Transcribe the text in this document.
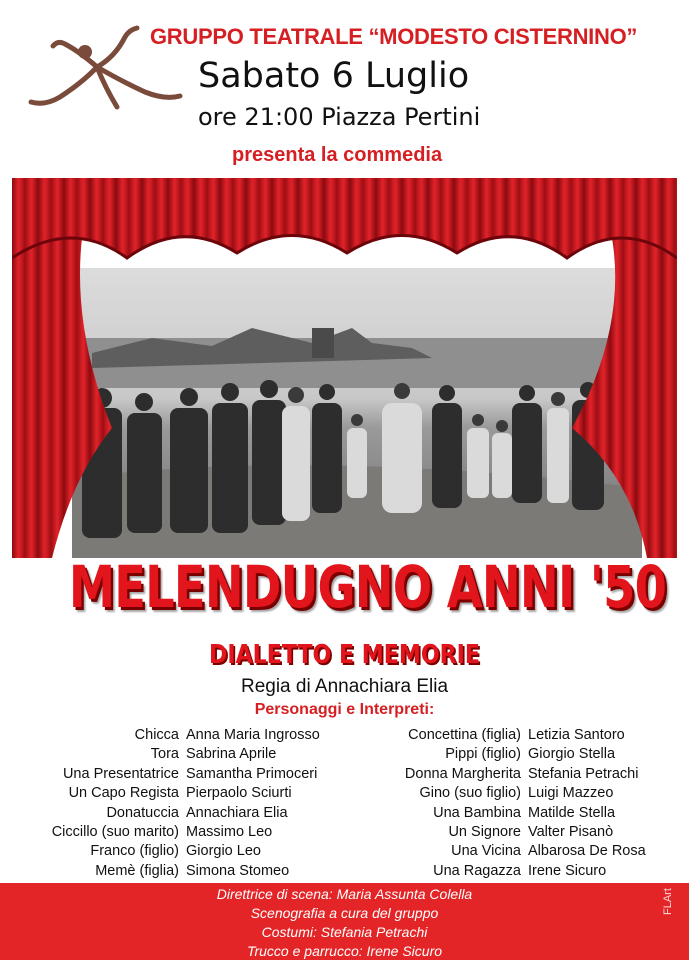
GRUPPO TEATRALE “MODESTO CISTERNINO”
Sabato 6 Luglio
ore 21:00 Piazza Pertini
presenta la commedia
MELENDUGNO ANNI '50
DIALETTO E MEMORIE
Regia di Annachiara Elia
Personaggi e Interpreti:
Chicca
Tora
Una Presentatrice
Un Capo Regista
Donatuccia
Ciccillo (suo marito)
Franco (figlio)
Memè (figlia)
Anna Maria Ingrosso
Sabrina Aprile
Samantha Primoceri
Pierpaolo Sciurti
Annachiara Elia
Massimo Leo
Giorgio Leo
Simona Stomeo
Concettina (figlia)
Pippi (figlio)
Donna Margherita
Gino (suo figlio)
Una Bambina
Un Signore
Una Vicina
Una Ragazza
Letizia Santoro
Giorgio Stella
Stefania Petrachi
Luigi Mazzeo
Matilde Stella
Valter Pisanò
Albarosa De Rosa
Irene Sicuro
Direttrice di scena: Maria Assunta Colella
Scenografia a cura del gruppo
Costumi: Stefania Petrachi
Trucco e parrucco: Irene Sicuro
FLArt
